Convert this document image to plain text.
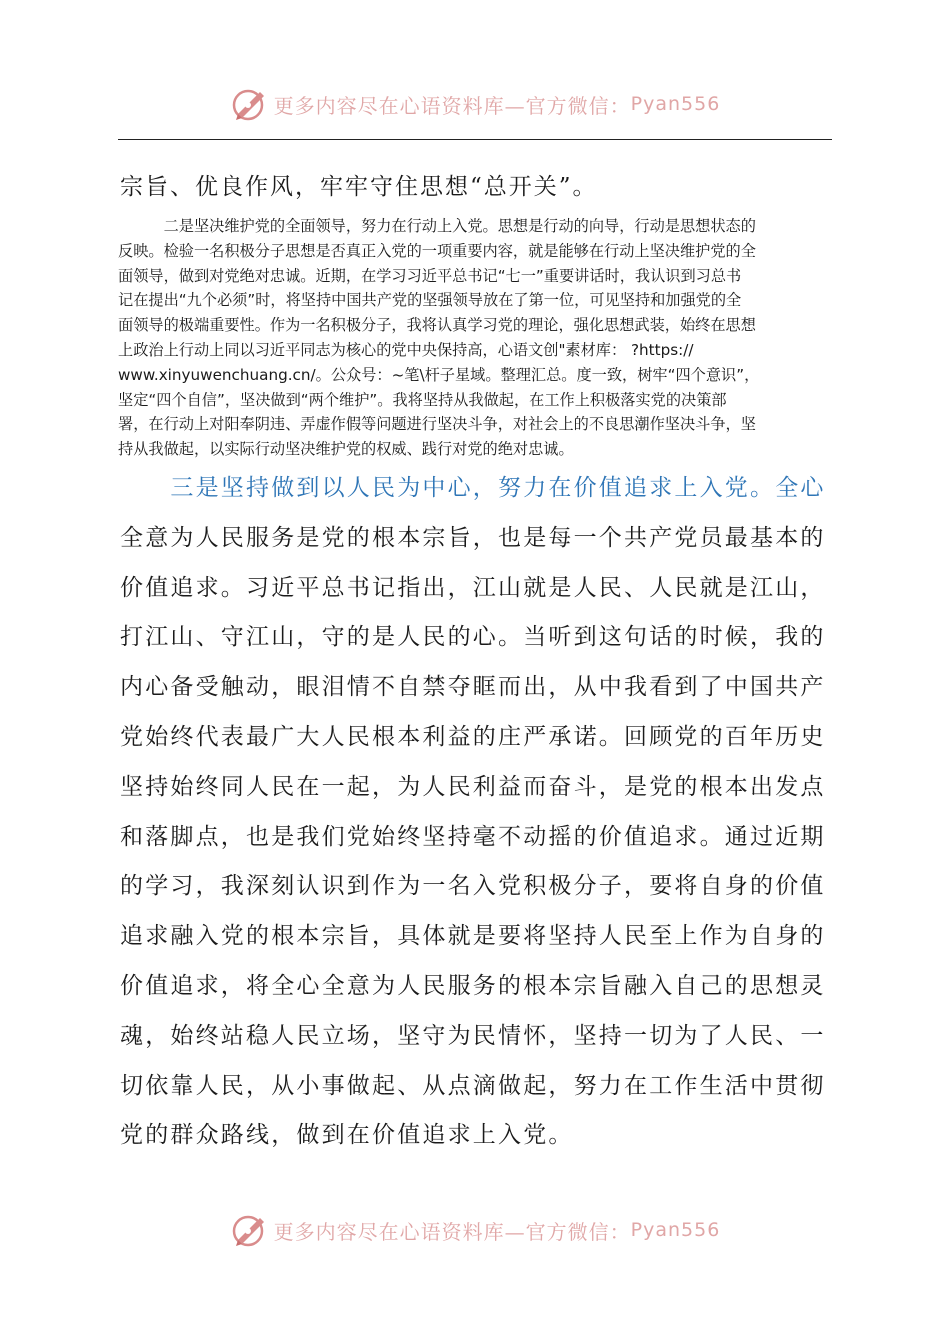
更多内容尽在心语资料库—官方微信： Pyan556
宗旨、优良作风，牢牢守住思想“总开关”。
　　　二是坚决维护党的全面领导，努力在行动上入党。思想是行动的向导，行动是思想状态的
反映。检验一名积极分子思想是否真正入党的一项重要内容，就是能够在行动上坚决维护党的全
面领导，做到对党绝对忠诚。近期，在学习习近平总书记“七一”重要讲话时，我认识到习总书
记在提出“九个必须”时，将坚持中国共产党的坚强领导放在了第一位，可见坚持和加强党的全
面领导的极端重要性。作为一名积极分子，我将认真学习党的理论，强化思想武装，始终在思想
上政治上行动上同以习近平同志为核心的党中央保持高，心语文创"素材库： ?https://
www.xinyuwenchuang.cn/。公众号：~笔\杆子星域。整理汇总。度一致，树牢“四个意识”，
坚定“四个自信”，坚决做到“两个维护”。我将坚持从我做起，在工作上积极落实党的决策部
署，在行动上对阳奉阴违、弄虚作假等问题进行坚决斗争，对社会上的不良思潮作坚决斗争，坚
持从我做起，以实际行动坚决维护党的权威、践行对党的绝对忠诚。
　　三是坚持做到以人民为中心，努力在价值追求上入党。全心
全意为人民服务是党的根本宗旨，也是每一个共产党员最基本的
价值追求。习近平总书记指出，江山就是人民、人民就是江山，
打江山、守江山，守的是人民的心。当听到这句话的时候，我的
内心备受触动，眼泪情不自禁夺眶而出，从中我看到了中国共产
党始终代表最广大人民根本利益的庄严承诺。回顾党的百年历史
坚持始终同人民在一起，为人民利益而奋斗，是党的根本出发点
和落脚点，也是我们党始终坚持毫不动摇的价值追求。通过近期
的学习，我深刻认识到作为一名入党积极分子，要将自身的价值
追求融入党的根本宗旨，具体就是要将坚持人民至上作为自身的
价值追求，将全心全意为人民服务的根本宗旨融入自己的思想灵
魂，始终站稳人民立场，坚守为民情怀，坚持一切为了人民、一
切依靠人民，从小事做起、从点滴做起，努力在工作生活中贯彻
党的群众路线，做到在价值追求上入党。
更多内容尽在心语资料库—官方微信： Pyan556
